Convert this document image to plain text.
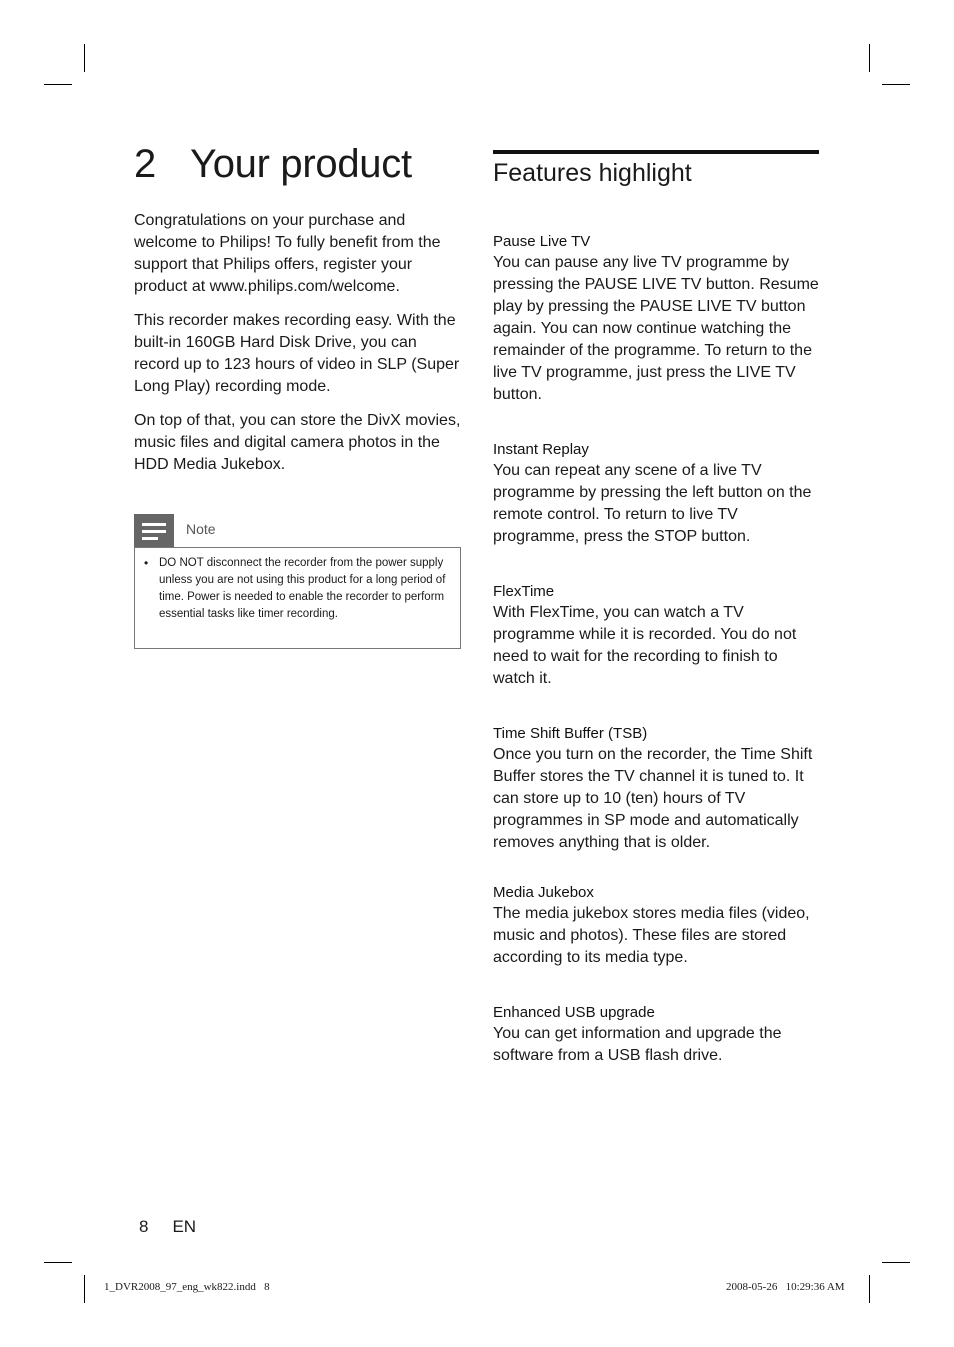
2 Your product

Congratulations on your purchase and welcome to Philips! To fully benefit from the support that Philips offers, register your product at www.philips.com/welcome.

This recorder makes recording easy. With the built-in 160GB Hard Disk Drive, you can record up to 123 hours of video in SLP (Super Long Play) recording mode.

On top of that, you can store the DivX movies, music files and digital camera photos in the HDD Media Jukebox.

Note
• DO NOT disconnect the recorder from the power supply unless you are not using this product for a long period of time. Power is needed to enable the recorder to perform essential tasks like timer recording.
Features highlight
Pause Live TV

You can pause any live TV programme by pressing the PAUSE LIVE TV button. Resume play by pressing the PAUSE LIVE TV button again. You can now continue watching the remainder of the programme. To return to the live TV programme, just press the LIVE TV button.

Instant Replay

You can repeat any scene of a live TV programme by pressing the left button on the remote control. To return to live TV programme, press the STOP button.

FlexTime

With FlexTime, you can watch a TV programme while it is recorded. You do not need to wait for the recording to finish to watch it.

Time Shift Buffer (TSB)

Once you turn on the recorder, the Time Shift Buffer stores the TV channel it is tuned to. It can store up to 10 (ten) hours of TV programmes in SP mode and automatically removes anything that is older.

Media Jukebox

The media jukebox stores media files (video, music and photos). These files are stored according to its media type.

Enhanced USB upgrade

You can get information and upgrade the software from a USB flash drive.

8 EN
1_DVR2008_97_eng_wk822.indd   8	2008-05-26   10:29:36 AM
